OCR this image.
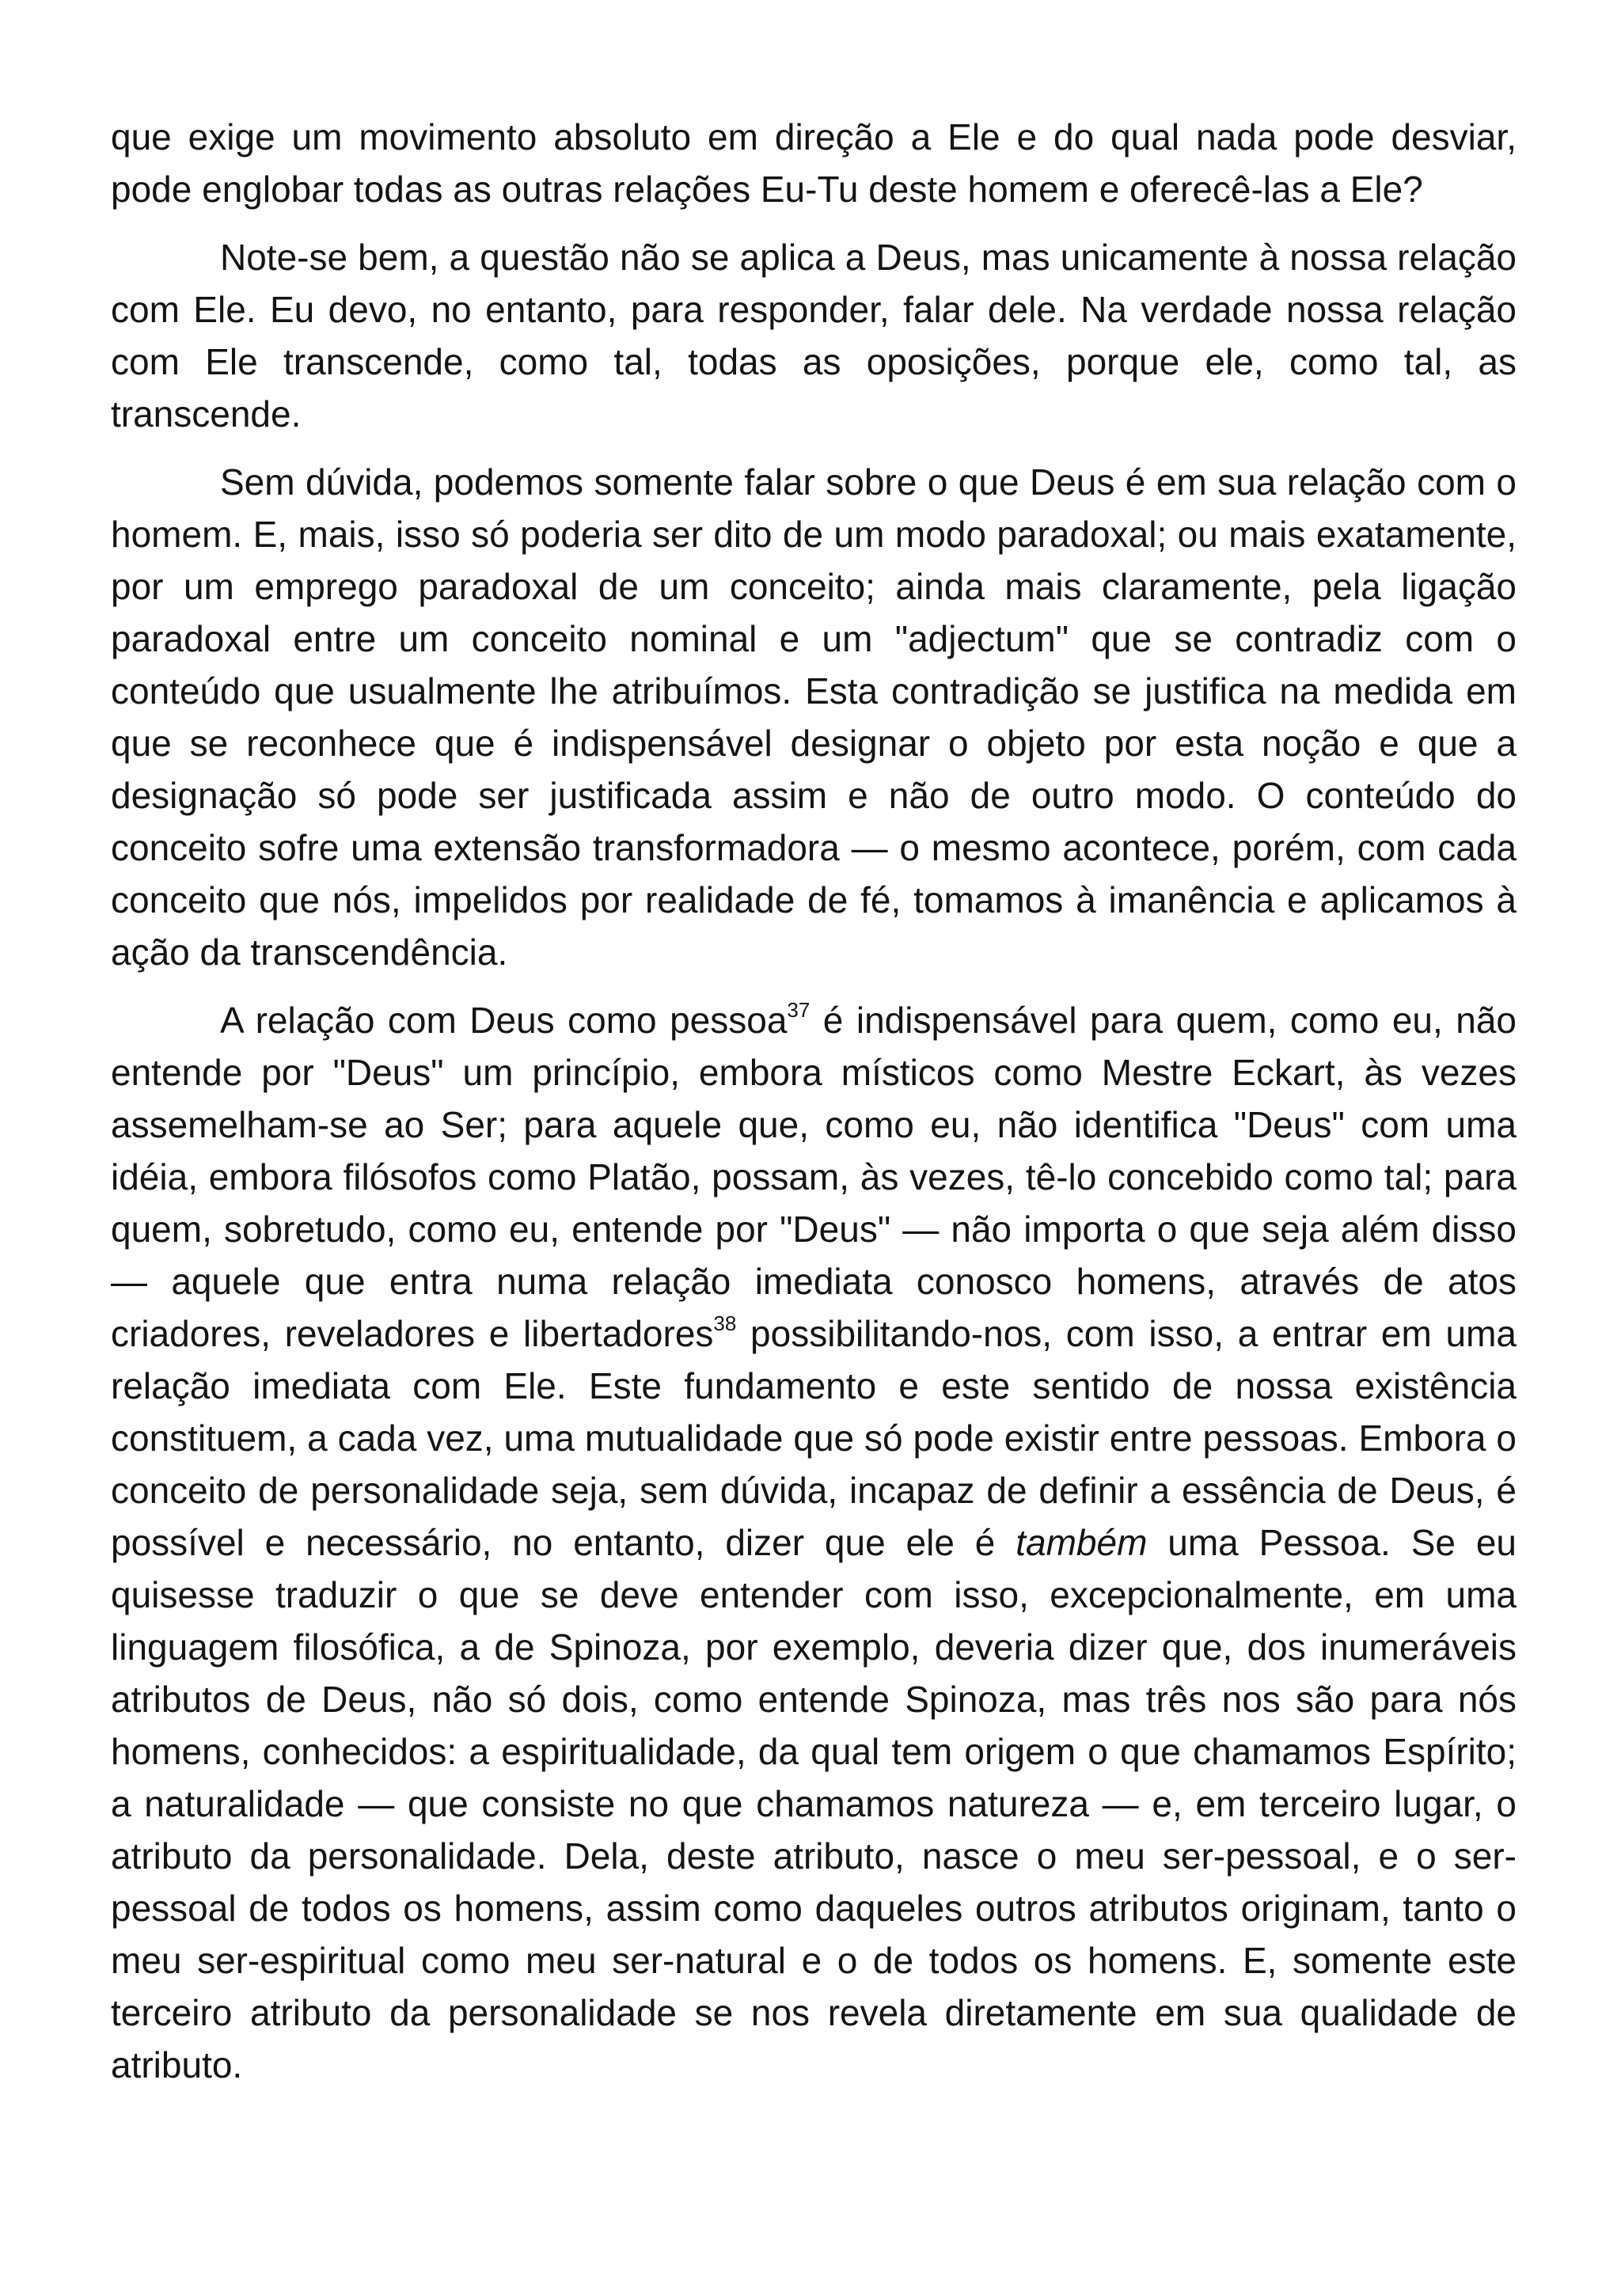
que exige um movimento absoluto em direção a Ele e do qual nada pode desviar, pode englobar todas as outras relações Eu-Tu deste homem e oferecê-las a Ele?

Note-se bem, a questão não se aplica a Deus, mas unicamente à nossa relação com Ele. Eu devo, no entanto, para responder, falar dele. Na verdade nossa relação com Ele transcende, como tal, todas as oposições, porque ele, como tal, as transcende.

Sem dúvida, podemos somente falar sobre o que Deus é em sua relação com o homem. E, mais, isso só poderia ser dito de um modo paradoxal; ou mais exatamente, por um emprego paradoxal de um conceito; ainda mais claramente, pela ligação paradoxal entre um conceito nominal e um "adjectum" que se contradiz com o conteúdo que usualmente lhe atribuímos. Esta contradição se justifica na medida em que se reconhece que é indispensável designar o objeto por esta noção e que a designação só pode ser justificada assim e não de outro modo. O conteúdo do conceito sofre uma extensão transformadora — o mesmo acontece, porém, com cada conceito que nós, impelidos por realidade de fé, tomamos à imanência e aplicamos à ação da transcendência.

A relação com Deus como pessoa$^{37}$ é indispensável para quem, como eu, não entende por "Deus" um princípio, embora místicos como Mestre Eckart, às vezes assemelham-se ao Ser; para aquele que, como eu, não identifica "Deus" com uma idéia, embora filósofos como Platão, possam, às vezes, tê-lo concebido como tal; para quem, sobretudo, como eu, entende por "Deus" — não importa o que seja além disso — aquele que entra numa relação imediata conosco homens, através de atos criadores, reveladores e libertadores$^{38}$ possibilitando-nos, com isso, a entrar em uma relação imediata com Ele. Este fundamento e este sentido de nossa existência constituem, a cada vez, uma mutualidade que só pode existir entre pessoas. Embora o conceito de personalidade seja, sem dúvida, incapaz de definir a essência de Deus, é possível e necessário, no entanto, dizer que ele é também uma Pessoa. Se eu quisesse traduzir o que se deve entender com isso, excepcionalmente, em uma linguagem filosófica, a de Spinoza, por exemplo, deveria dizer que, dos inumeráveis atributos de Deus, não só dois, como entende Spinoza, mas três nos são para nós homens, conhecidos: a espiritualidade, da qual tem origem o que chamamos Espírito; a naturalidade — que consiste no que chamamos natureza — e, em terceiro lugar, o atributo da personalidade. Dela, deste atributo, nasce o meu ser-pessoal, e o ser-pessoal de todos os homens, assim como daqueles outros atributos originam, tanto o meu ser-espiritual como meu ser-natural e o de todos os homens. E, somente este terceiro atributo da personalidade se nos revela diretamente em sua qualidade de atributo.
